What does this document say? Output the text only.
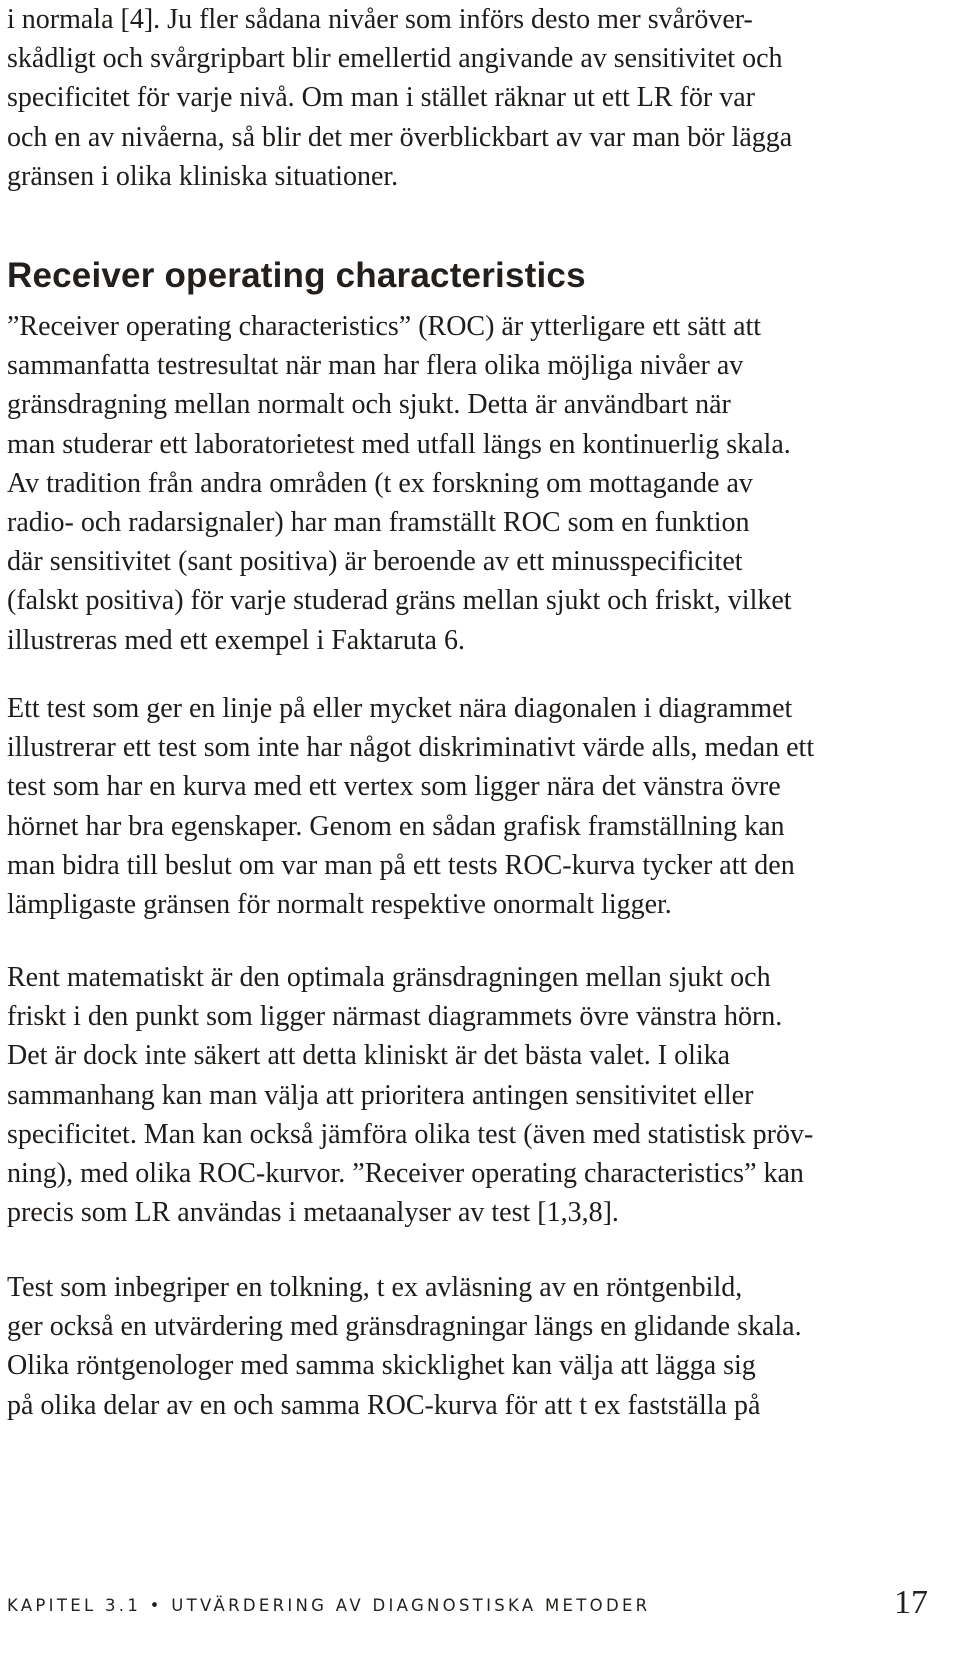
i normala [4]. Ju fler sådana nivåer som införs desto mer svåröver-
skådligt och svårgripbart blir emellertid angivande av sensitivitet och
specificitet för varje nivå. Om man i stället räknar ut ett LR för var
och en av nivåerna, så blir det mer överblickbart av var man bör lägga
gränsen i olika kliniska situationer.

Receiver operating characteristics

”Receiver operating characteristics” (ROC) är ytterligare ett sätt att
sammanfatta testresultat när man har flera olika möjliga nivåer av
gränsdragning mellan normalt och sjukt. Detta är användbart när
man studerar ett laboratorietest med utfall längs en kontinuerlig skala.
Av tradition från andra områden (t ex forskning om mottagande av
radio- och radarsignaler) har man framställt ROC som en funktion
där sensitivitet (sant positiva) är beroende av ett minusspecificitet
(falskt positiva) för varje studerad gräns mellan sjukt och friskt, vilket
illustreras med ett exempel i Faktaruta 6.

Ett test som ger en linje på eller mycket nära diagonalen i diagrammet
illustrerar ett test som inte har något diskriminativt värde alls, medan ett
test som har en kurva med ett vertex som ligger nära det vänstra övre
hörnet har bra egenskaper. Genom en sådan grafisk framställning kan
man bidra till beslut om var man på ett tests ROC-kurva tycker att den
lämpligaste gränsen för normalt respektive onormalt ligger.

Rent matematiskt är den optimala gränsdragningen mellan sjukt och
friskt i den punkt som ligger närmast diagrammets övre vänstra hörn.
Det är dock inte säkert att detta kliniskt är det bästa valet. I olika
sammanhang kan man välja att prioritera antingen sensitivitet eller
specificitet. Man kan också jämföra olika test (även med statistisk pröv-
ning), med olika ROC-kurvor. ”Receiver operating characteristics” kan
precis som LR användas i metaanalyser av test [1,3,8].

Test som inbegriper en tolkning, t ex avläsning av en röntgenbild,
ger också en utvärdering med gränsdragningar längs en glidande skala.
Olika röntgenologer med samma skicklighet kan välja att lägga sig
på olika delar av en och samma ROC-kurva för att t ex fastställa på

KAPITEL 3.1 • UTVÄRDERING AV DIAGNOSTISKA METODER	17
